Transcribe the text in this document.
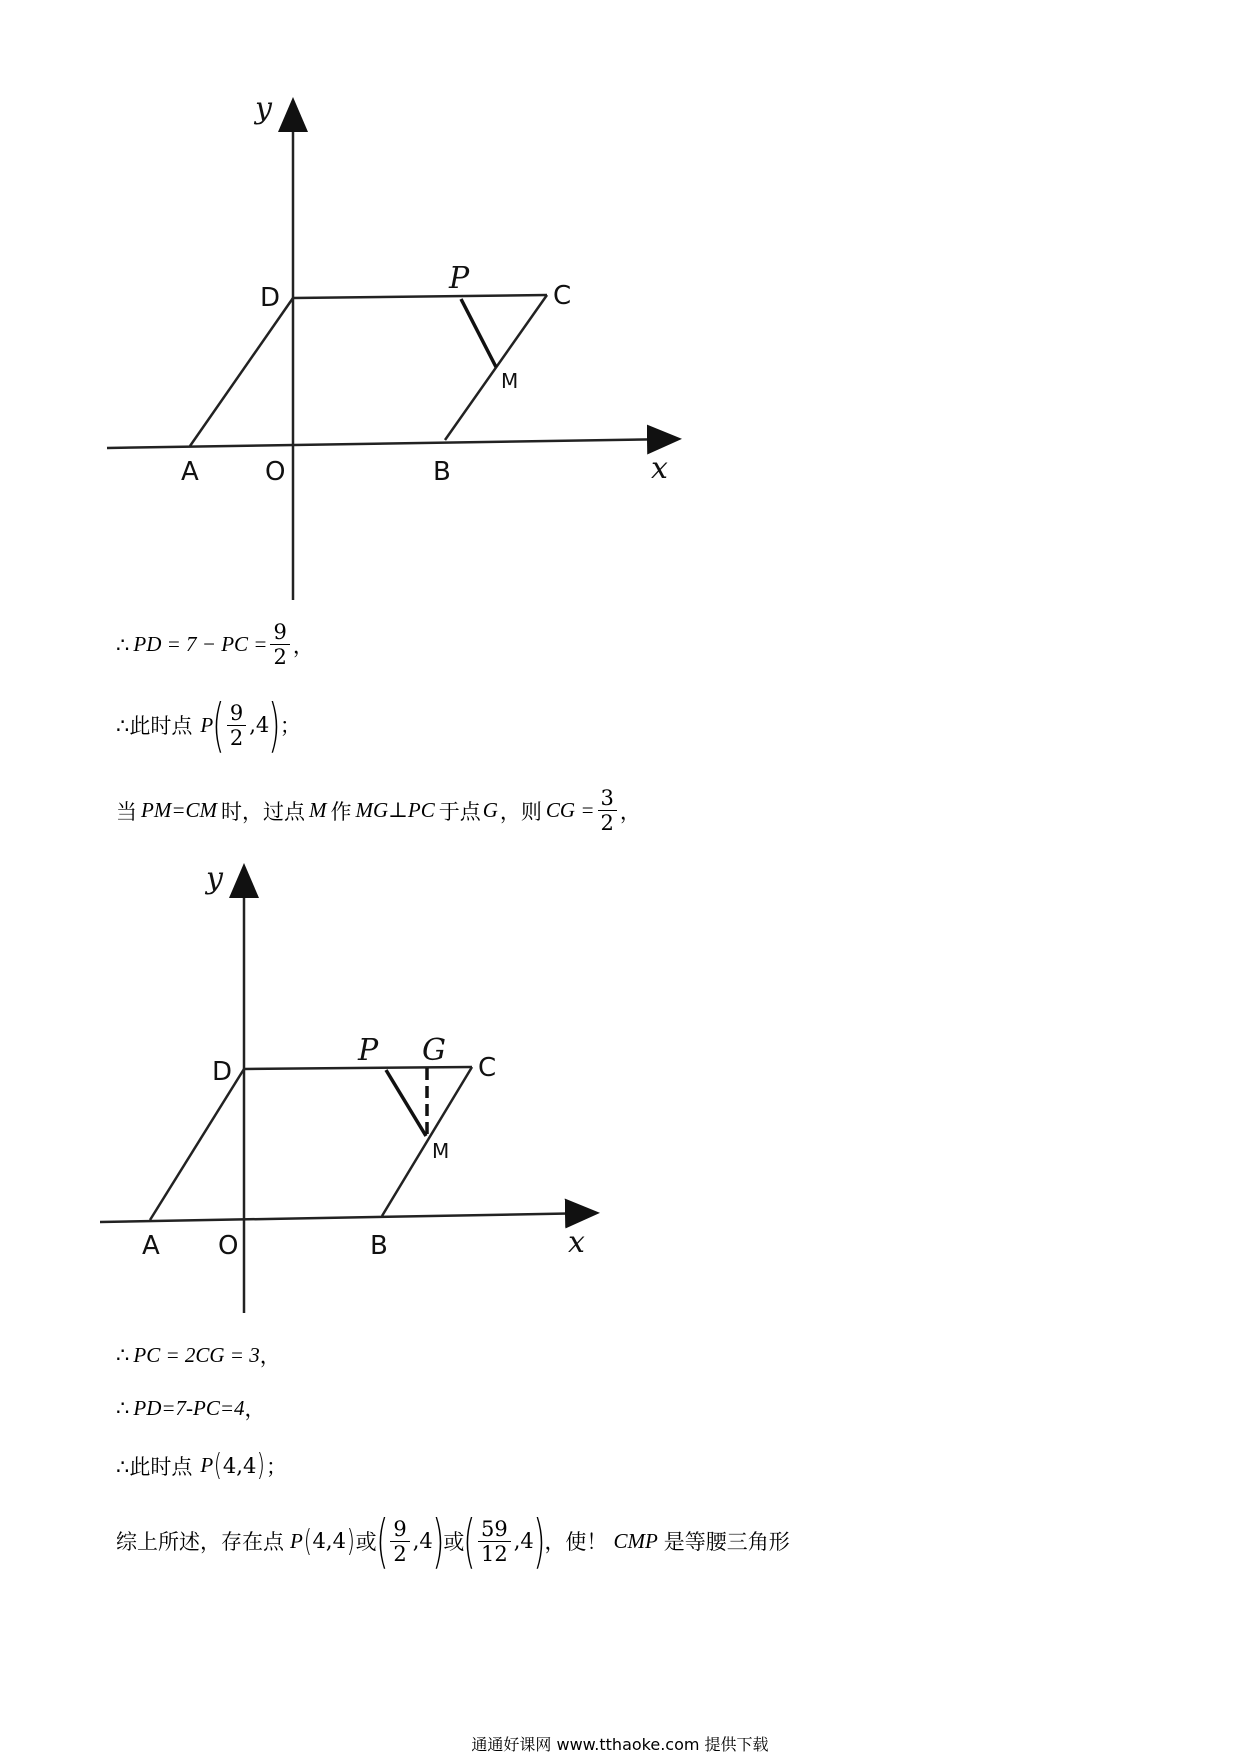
y
D	C
P
M
A	O	B	x
∴ PD = 7 − PC = $\frac{9}{2}$ ，
∴此时点 P ( $\frac{9}{2} ,4$ ) ；
当 PM=CM 时，过点 M 作 MG⊥PC 于点 G ，则 CG = $\frac{3}{2}$ ，
y
D	C
P G
M
A O	B	x
∴ PC = 2CG = 3 ，
∴ PD=7-PC=4 ，
∴此时点 P ( 4,4 ) ；
综上所述，存在点 P ( 4,4 ) 或 ( $\frac{9}{2} ,4$ ) 或 ( $\frac{59}{12} ,4$ ) ，使！ CMP 是等腰三角形
通通好课网 www.tthaoke.com 提供下载
